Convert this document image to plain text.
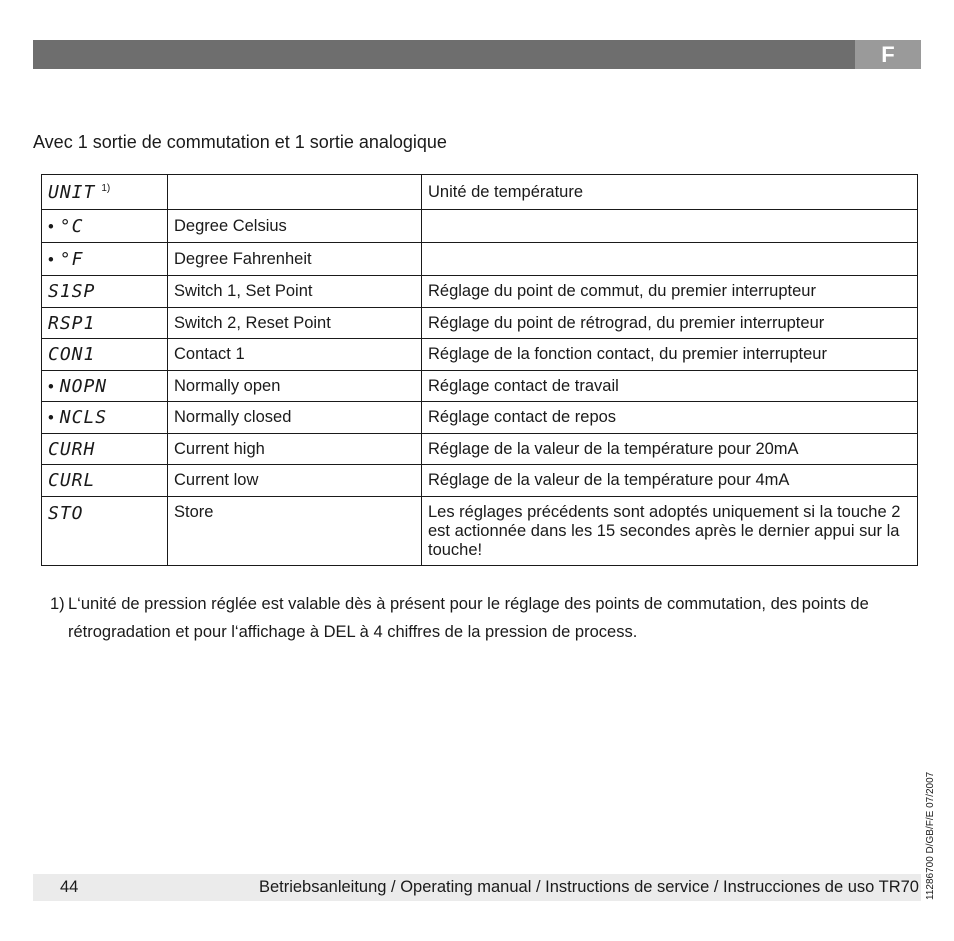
F
Avec 1 sortie de commutation et 1 sortie analogique
UNIT $^{1)}$		Unité de température
• °C	Degree Celsius	
• °F	Degree Fahrenheit	
S1SP	Switch 1, Set Point	Réglage du point de commut, du premier interrupteur
RSP1	Switch 2, Reset Point	Réglage du point de rétrograd, du premier interrupteur
CON1	Contact 1	Réglage de la fonction contact, du premier interrupteur
• NOPN	Normally open	Réglage contact de travail
• NCLS	Normally closed	Réglage contact de repos
CURH	Current high	Réglage de la valeur de la température pour 20mA
CURL	Current low	Réglage de la valeur de la température pour 4mA
STO	Store	Les réglages précédents sont adoptés uniquement si la touche 2 est actionnée dans les 15 secondes après le dernier appui sur la touche!
1) L‘unité de pression réglée est valable dès à présent pour le réglage des points de commutation, des points de rétrogradation et pour l‘affichage à DEL à 4 chiffres de la pression de process.
11286700 D/GB/F/E 07/2007
44	Betriebsanleitung / Operating manual / Instructions de service / Instrucciones de uso TR70
